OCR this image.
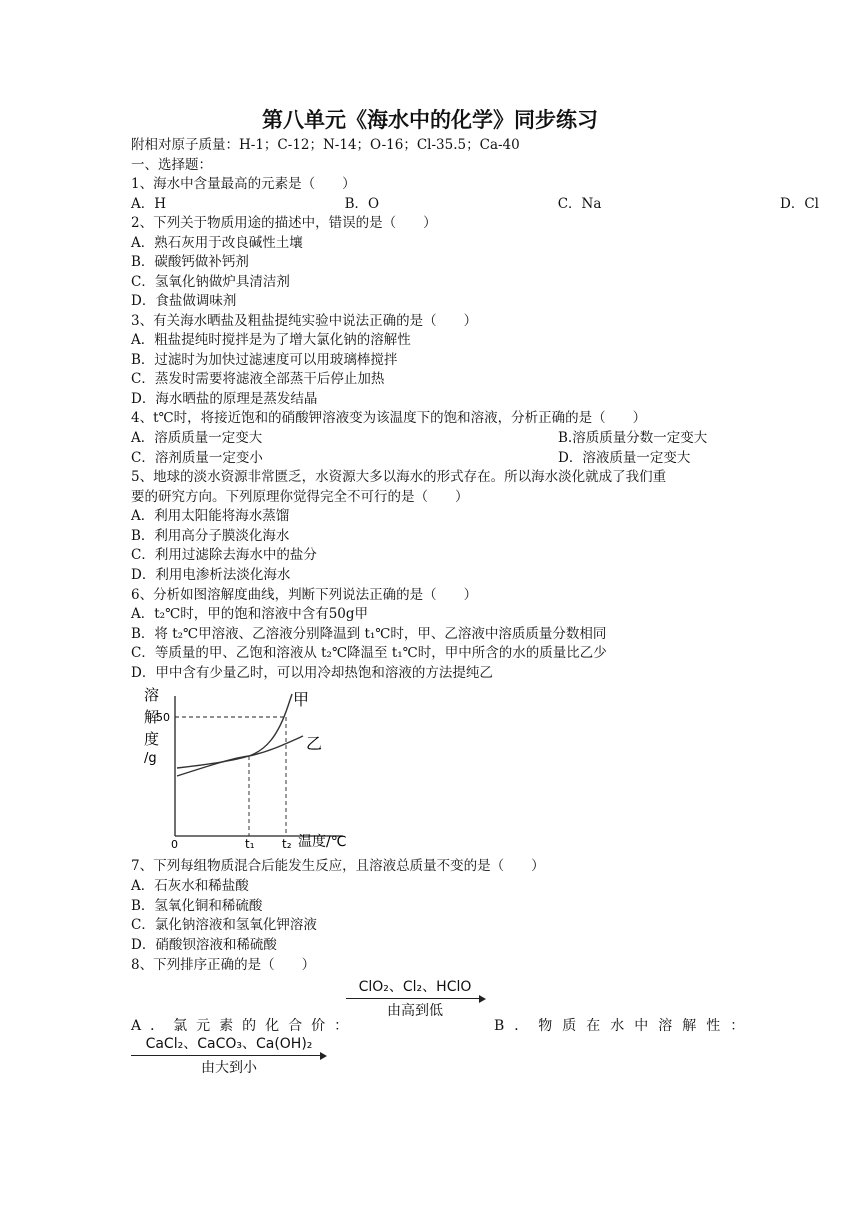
第八单元《海水中的化学》同步练习
附相对原子质量：H-1；C-12；N-14；O-16；Cl-35.5；Ca-40
一、选择题：
1、海水中含量最高的元素是（　　）
A．H	B．O	C．Na	D．Cl
2、下列关于物质用途的描述中，错误的是（　　）
A．熟石灰用于改良碱性土壤
B．碳酸钙做补钙剂
C．氢氧化钠做炉具清洁剂
D．食盐做调味剂
3、有关海水晒盐及粗盐提纯实验中说法正确的是（　　）
A．粗盐提纯时搅拌是为了增大氯化钠的溶解性
B．过滤时为加快过滤速度可以用玻璃棒搅拌
C．蒸发时需要将滤液全部蒸干后停止加热
D．海水晒盐的原理是蒸发结晶
4、t℃时，将接近饱和的硝酸钾溶液变为该温度下的饱和溶液，分析正确的是（　　）
A．溶质质量一定变大	B.溶质质量分数一定变大
C．溶剂质量一定变小	D．溶液质量一定变大
5、地球的淡水资源非常匮乏，水资源大多以海水的形式存在。所以海水淡化就成了我们重
要的研究方向。下列原理你觉得完全不可行的是（　　）
A．利用太阳能将海水蒸馏
B．利用高分子膜淡化海水
C．利用过滤除去海水中的盐分
D．利用电渗析法淡化海水
6、分析如图溶解度曲线，判断下列说法正确的是（　　）
A．t₂℃时，甲的饱和溶液中含有50g甲
B．将 t₂℃甲溶液、乙溶液分别降温到 t₁℃时，甲、乙溶液中溶质质量分数相同
C．等质量的甲、乙饱和溶液从 t₂℃降温至 t₁℃时，甲中所含的水的质量比乙少
D．甲中含有少量乙时，可以用冷却热饱和溶液的方法提纯乙
溶
解
度
/g
50
0	t₁ t₂ 温度/℃
甲
乙
7、下列每组物质混合后能发生反应，且溶液总质量不变的是（　　）
A．石灰水和稀盐酸
B．氢氧化铜和稀硫酸
C．氯化钠溶液和氢氧化钾溶液
D．硝酸钡溶液和稀硫酸
8、下列排序正确的是（　　）
ClO₂、Cl₂、HClO
由高到低
A．氯元素的化合价：	B．物质在水中溶解性：
CaCl₂、CaCO₃、Ca(OH)₂
由大到小
